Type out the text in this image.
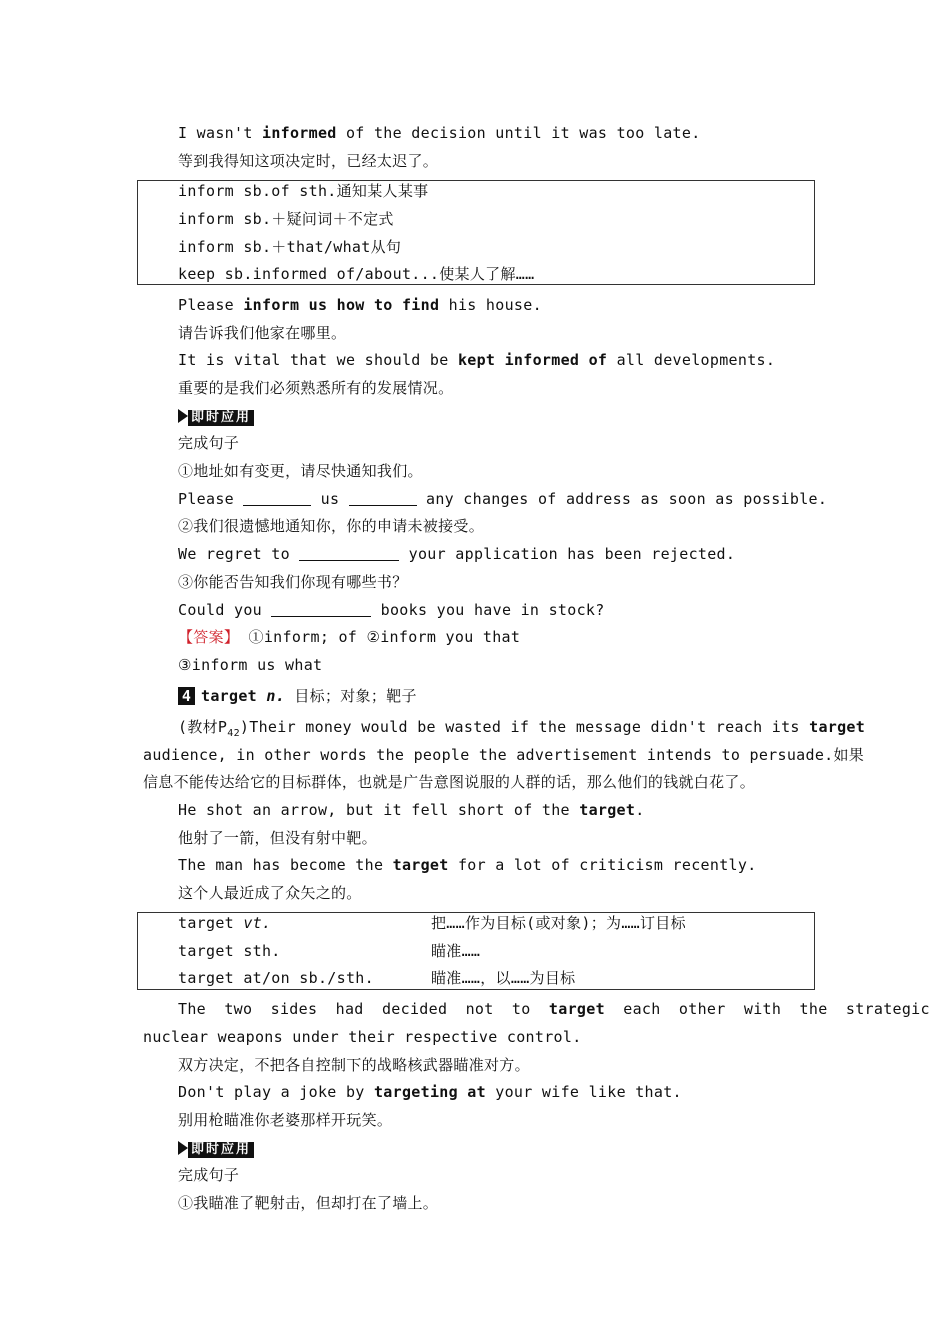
I wasn't informed of the decision until it was too late.
等到我得知这项决定时，已经太迟了。
inform sb.of sth.通知某人某事
inform sb.＋疑问词＋不定式
inform sb.＋that/what从句
keep sb.informed of/about...使某人了解……
Please inform us how to find his house.
请告诉我们他家在哪里。
It is vital that we should be kept informed of all developments.
重要的是我们必须熟悉所有的发展情况。
即时应用
完成句子
①地址如有变更，请尽快通知我们。
Please	us	any changes of address as soon as possible.
②我们很遗憾地通知你，你的申请未被接受。
We regret to	your application has been rejected.
③你能否告知我们你现有哪些书？
Could you	books you have in stock?
【答案】 ①inform; of ②inform you that
③inform us what
4 target n. 目标；对象；靶子
(教材$P_{42})Their$ money would be wasted if the message didn't reach its target
audience, in other words the people the advertisement intends to persuade.如果
信息不能传达给它的目标群体，也就是广告意图说服的人群的话，那么他们的钱就白花了。
He shot an arrow, but it fell short of the target.
他射了一箭，但没有射中靶。
The man has become the target for a lot of criticism recently.
这个人最近成了众矢之的。
target vt.	把……作为目标(或对象)；为……订目标
target sth.	瞄准……
target at/on sb./sth.	瞄准……，以……为目标
The two sides had decided not to target each other with the strategic
nuclear weapons under their respective control.
双方决定，不把各自控制下的战略核武器瞄准对方。
Don't play a joke by targeting at your wife like that.
别用枪瞄准你老婆那样开玩笑。
即时应用
完成句子
①我瞄准了靶射击，但却打在了墙上。
